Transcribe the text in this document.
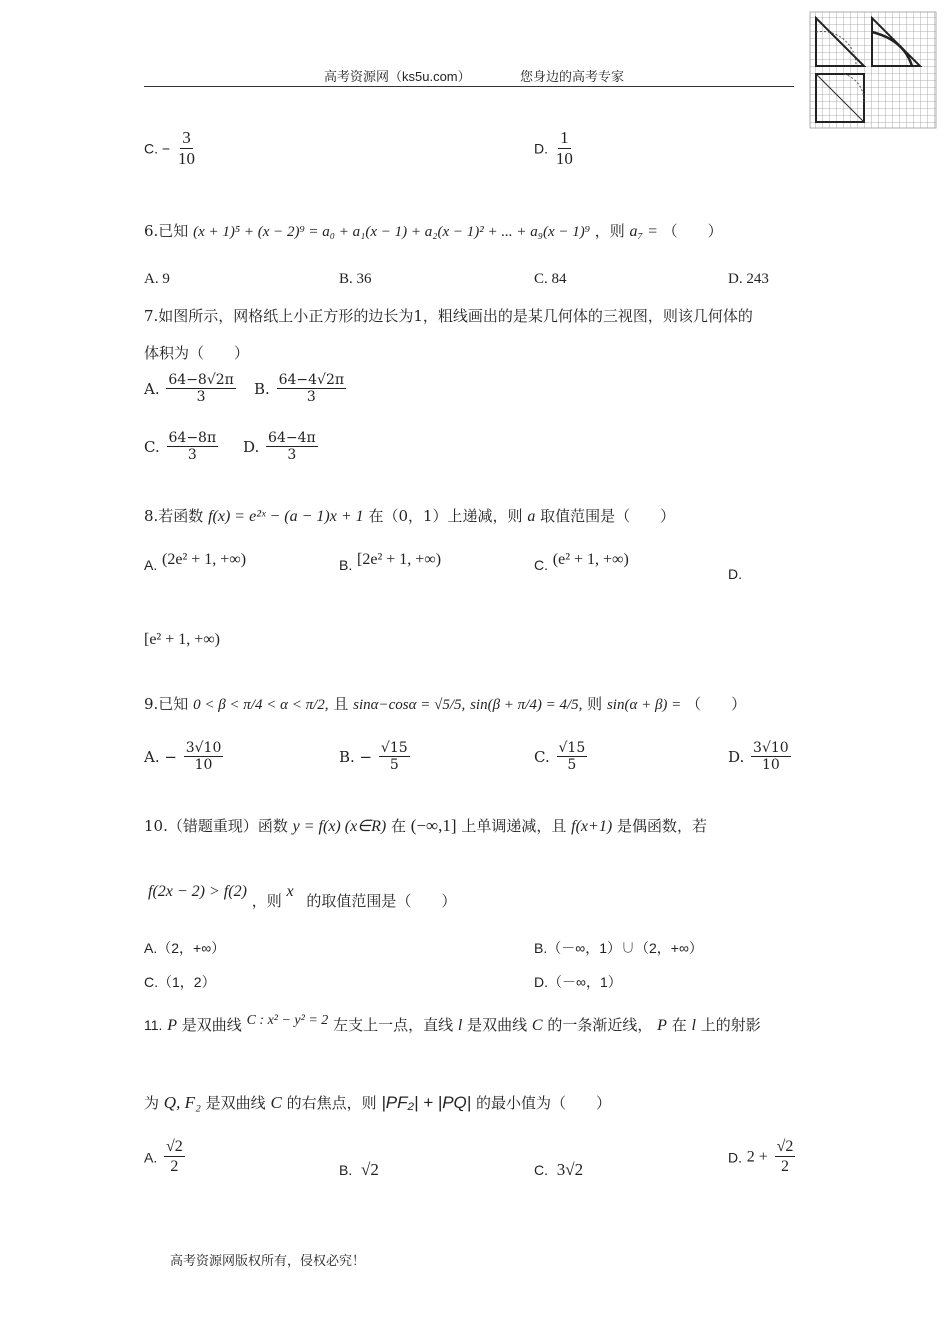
高考资源网（ks5u.com）	您身边的高考专家
C. − $\frac{3}{10}$	D. $\frac{1}{10}$
6.已知 (x + 1)⁵ + (x − 2)⁹ = a₀ + a₁(x − 1) + a₂(x − 1)² + ... + a₉(x − 1)⁹ ，则 a₇ = （　　）
A. 9	B. 36	C. 84	D. 243
7.如图所示，网格纸上小正方形的边长为1，粗线画出的是某几何体的三视图，则该几何体的
体积为（　　）
A. $\frac{64-8√2\pi}{3} B$. $\frac{64-4√2\pi}{3}$
C. $\frac{64-8\pi}{3} D$. $\frac{64-4\pi}{3}$
8.若函数 f(x) = e²ˣ − (a − 1)x + 1 在（0，1）上递减，则 a 取值范围是（　　）
A. (2e² + 1, +∞)	B. [2e² + 1, +∞)	C. (e² + 1, +∞)
D.
[e² + 1, +∞)
9.已知 0 < β < π/4 < α < π/2, 且 sinα−cosα = √5/5, sin(β + π/4) = 4/5, 则 sin(α + β) = （　　）
A. − $\frac{3√10}{10}$	B. − $\frac{√15}{5}$	C. $\frac{√15}{5}$	D. $\frac{3√10}{10}$
10.（错题重现）函数 y = f(x) (x∈R) 在 (−∞,1] 上单调递减，且 f(x+1) 是偶函数，若
f(2x − 2) > f(2) ，则 x 的取值范围是（　　）
A.（2，+∞）	B.（－∞，1）∪（2，+∞）
C.（1，2）	D.（－∞，1）
11. P 是双曲线 C : x² − y² = 2 左支上一点，直线 l 是双曲线 C 的一条渐近线， P 在 l 上的射影
为 Q, F₂ 是双曲线 C 的右焦点，则 |PF₂| + |PQ| 的最小值为（　　）
A. $\frac{√2}{2}$	B. √2	C. 3√2
D. $2 + \frac{√2}{2}$
高考资源网版权所有，侵权必究！
